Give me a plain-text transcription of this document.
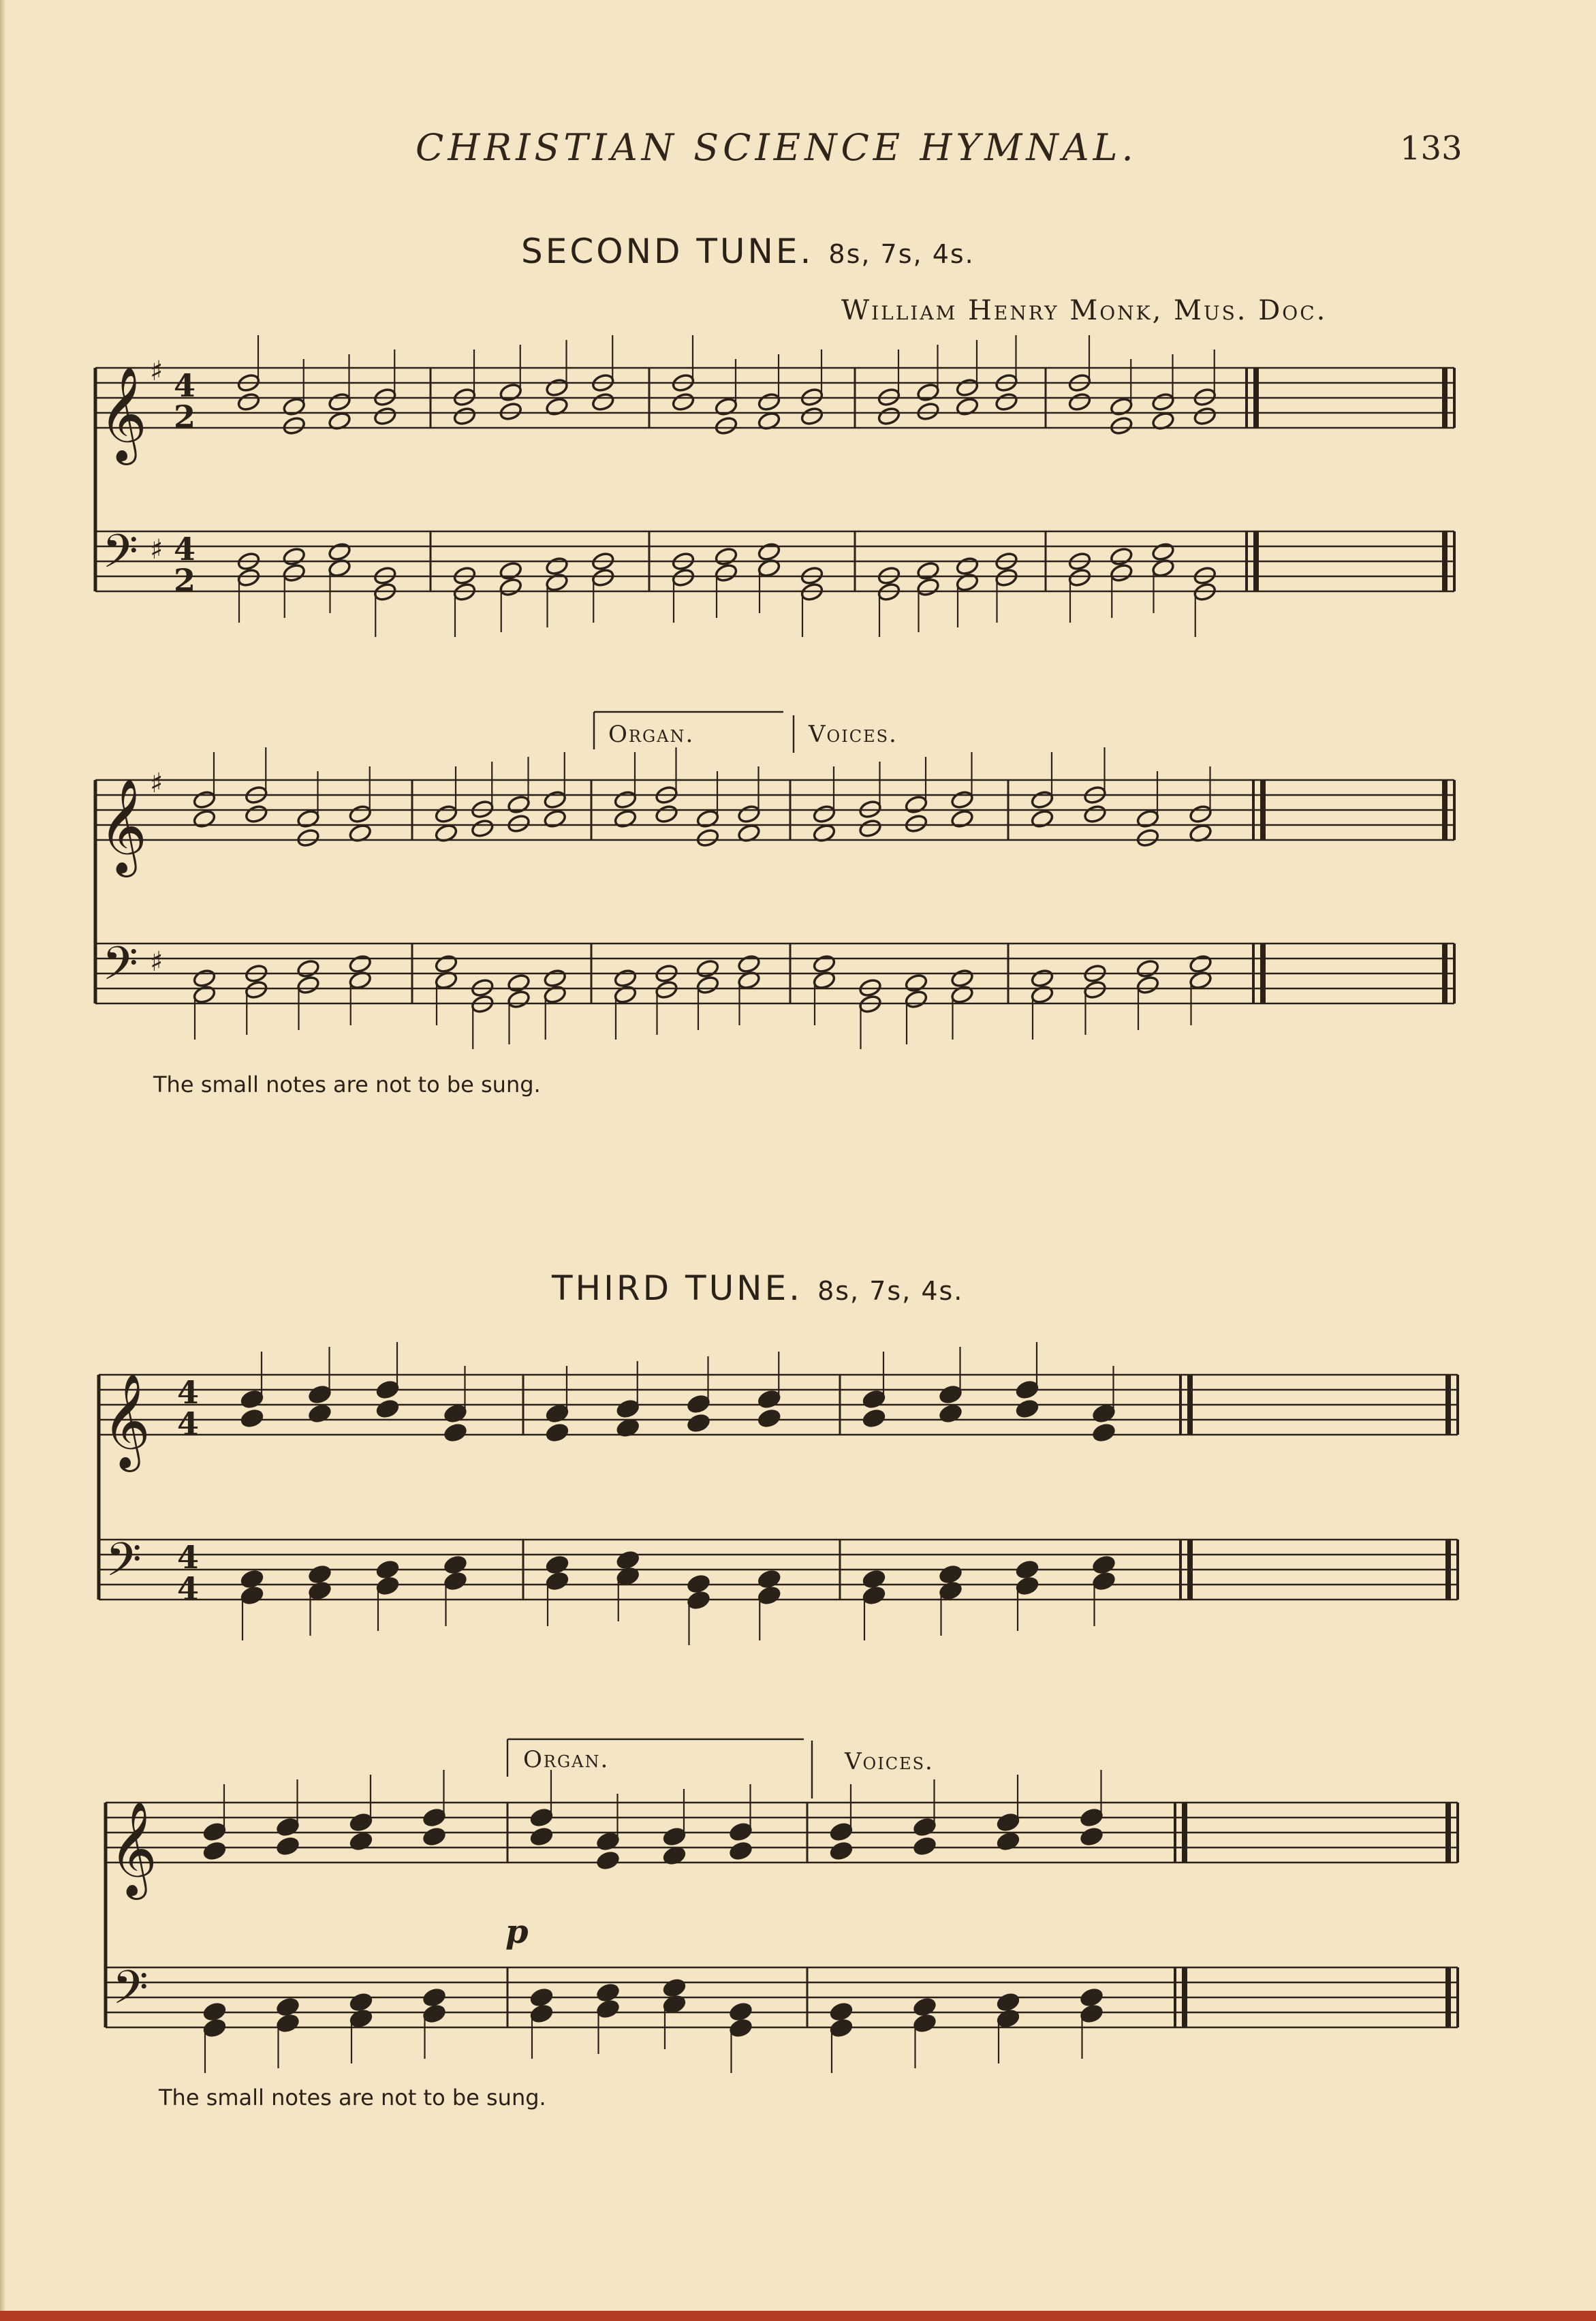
CHRISTIAN SCIENCE HYMNAL.	133
SECOND TUNE. 8s, 7s, 4s.
William Henry Monk, Mus. Doc.
Organ.	Voices.
The small notes are not to be sung.
THIRD TUNE. 8s, 7s, 4s.
Organ.	Voices.
p
The small notes are not to be sung.
𝄞
𝄢
4
2
4
2
♯
♯
𝄞
𝄢
♯
♯
𝄞
𝄢
4
4
4
4
𝄞
𝄢
